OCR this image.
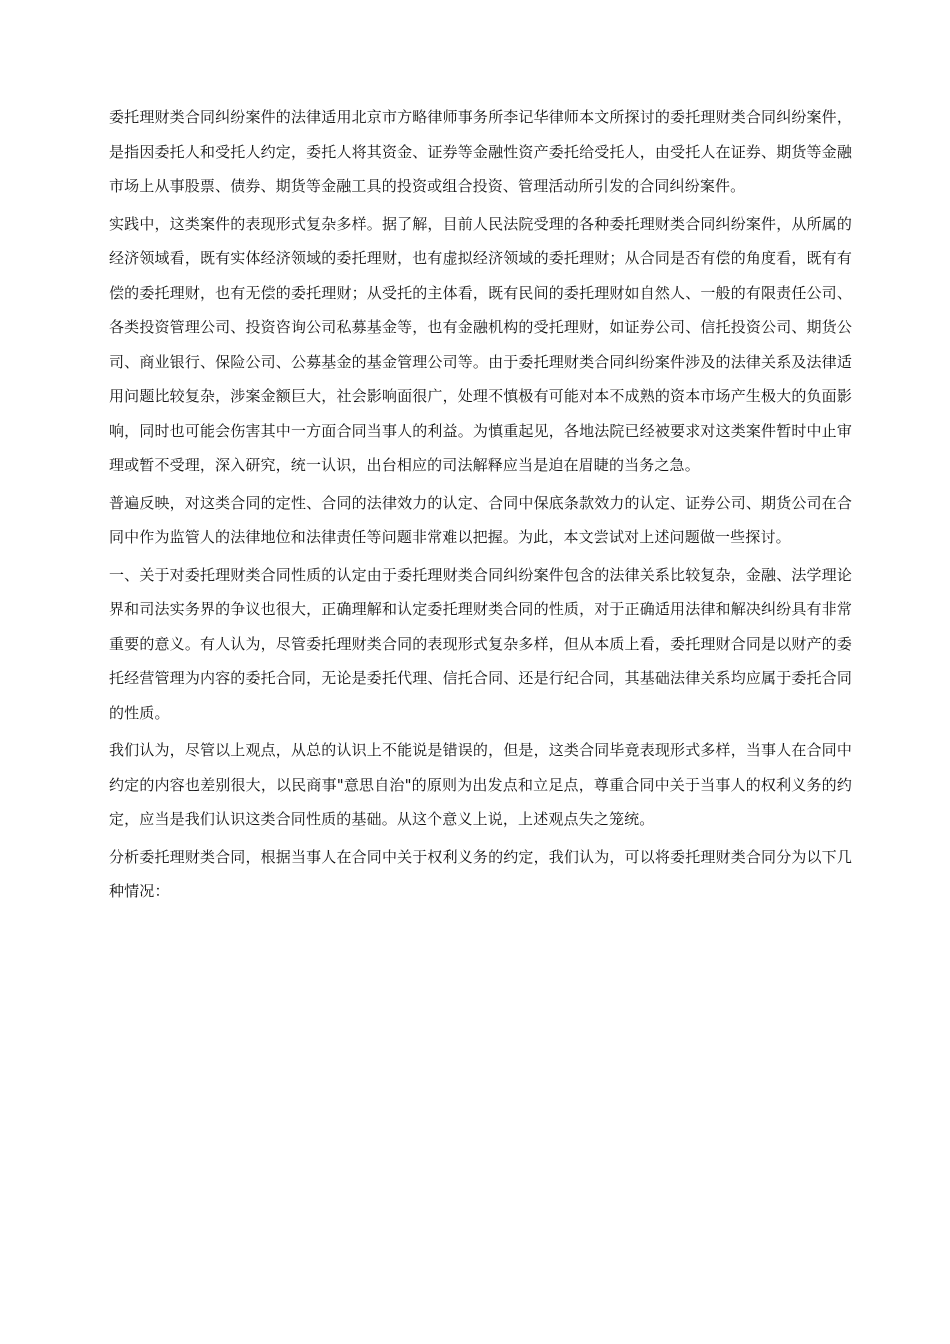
委托理财类合同纠纷案件的法律适用北京市方略律师事务所李记华律师本文所探讨的委托理财类合同纠纷案件，是指因委托人和受托人约定，委托人将其资金、证券等金融性资产委托给受托人，由受托人在证券、期货等金融市场上从事股票、债券、期货等金融工具的投资或组合投资、管理活动所引发的合同纠纷案件。

实践中，这类案件的表现形式复杂多样。据了解，目前人民法院受理的各种委托理财类合同纠纷案件，从所属的经济领域看，既有实体经济领域的委托理财，也有虚拟经济领域的委托理财；从合同是否有偿的角度看，既有有偿的委托理财，也有无偿的委托理财；从受托的主体看，既有民间的委托理财如自然人、一般的有限责任公司、各类投资管理公司、投资咨询公司私募基金等，也有金融机构的受托理财，如证券公司、信托投资公司、期货公司、商业银行、保险公司、公募基金的基金管理公司等。由于委托理财类合同纠纷案件涉及的法律关系及法律适用问题比较复杂，涉案金额巨大，社会影响面很广，处理不慎极有可能对本不成熟的资本市场产生极大的负面影响，同时也可能会伤害其中一方面合同当事人的利益。为慎重起见，各地法院已经被要求对这类案件暂时中止审理或暂不受理，深入研究，统一认识，出台相应的司法解释应当是迫在眉睫的当务之急。

普遍反映，对这类合同的定性、合同的法律效力的认定、合同中保底条款效力的认定、证券公司、期货公司在合同中作为监管人的法律地位和法律责任等问题非常难以把握。为此，本文尝试对上述问题做一些探讨。

一、关于对委托理财类合同性质的认定由于委托理财类合同纠纷案件包含的法律关系比较复杂，金融、法学理论界和司法实务界的争议也很大，正确理解和认定委托理财类合同的性质，对于正确适用法律和解决纠纷具有非常重要的意义。有人认为，尽管委托理财类合同的表现形式复杂多样，但从本质上看，委托理财合同是以财产的委托经营管理为内容的委托合同，无论是委托代理、信托合同、还是行纪合同，其基础法律关系均应属于委托合同的性质。

我们认为，尽管以上观点，从总的认识上不能说是错误的，但是，这类合同毕竟表现形式多样，当事人在合同中约定的内容也差别很大，以民商事"意思自治"的原则为出发点和立足点，尊重合同中关于当事人的权利义务的约定，应当是我们认识这类合同性质的基础。从这个意义上说，上述观点失之笼统。

分析委托理财类合同，根据当事人在合同中关于权利义务的约定，我们认为，可以将委托理财类合同分为以下几种情况：
